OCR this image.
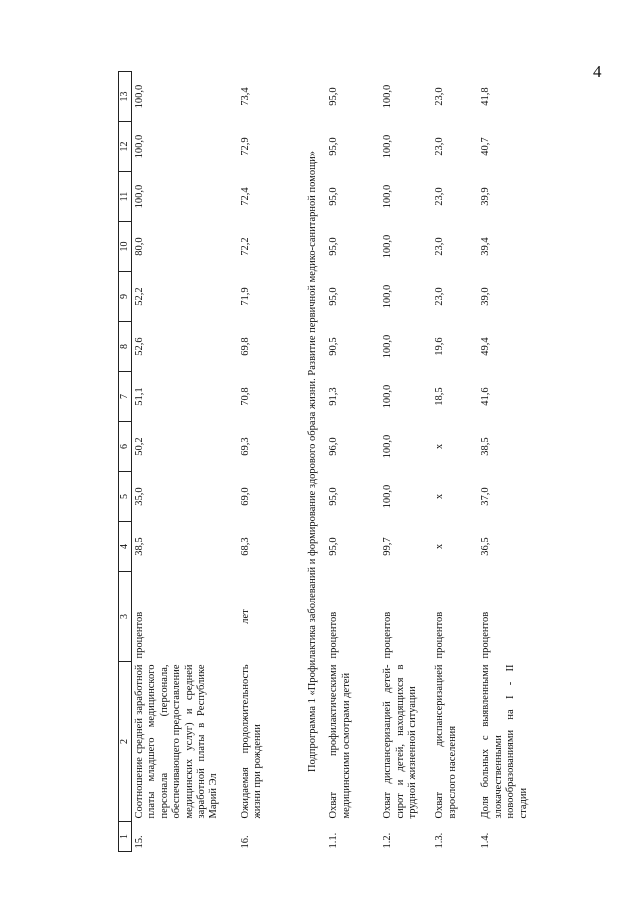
4
1	2	3	4	5	6	7	8	9	10	11	12	13
15.	Соотношение средней заработной платы младшего медицинского персонала (персонала, обеспечивающего предоставление медицинских услуг) и средней заработной платы в Республике Марий Эл	процентов	38,5	35,0	50,2	51,1	52,6	52,2	80,0	100,0	100,0	100,0
16.	Ожидаемая продолжительность жизни при рождении	лет	68,3	69,0	69,3	70,8	69,8	71,9	72,2	72,4	72,9	73,4
Подпрограмма 1 «Профилактика заболеваний и формирование здорового образа жизни. Развитие первичной медико-санитарной помощи»												
1.1.	Охват профилактическими медицинскими осмотрами детей	процентов	95,0	95,0	96,0	91,3	90,5	95,0	95,0	95,0	95,0	95,0
1.2.	Охват диспансеризацией детей-сирот и детей, находящихся в трудной жизненной ситуации	процентов	99,7	100,0	100,0	100,0	100,0	100,0	100,0	100,0	100,0	100,0
1.3.	Охват диспансеризацией взрослого населения	процентов	x	x	x	18,5	19,6	23,0	23,0	23,0	23,0	23,0
1.4.	Доля больных с выявленными злокачественными новообразованиями на I - II стадии	процентов	36,5	37,0	38,5	41,6	49,4	39,0	39,4	39,9	40,7	41,8
